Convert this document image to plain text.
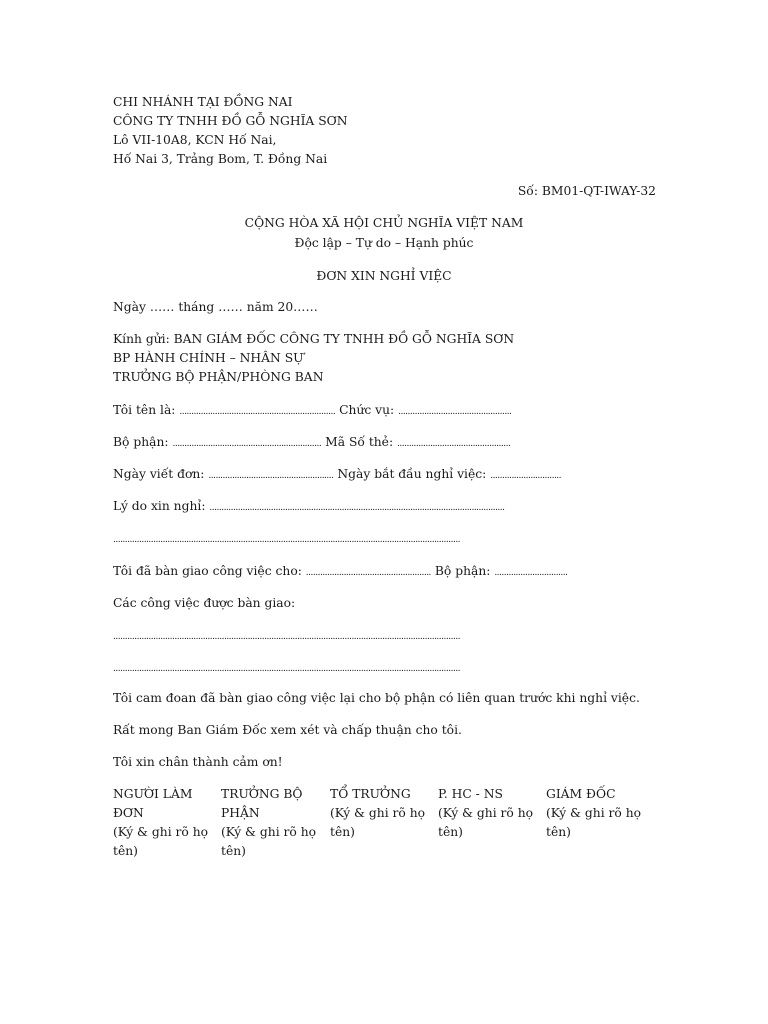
CHI NHÁNH TẠI ĐỒNG NAI
CÔNG TY TNHH ĐỒ GỖ NGHĨA SƠN
Lô VII-10A8, KCN Hố Nai,
Hố Nai 3, Trảng Bom, T. Đồng Nai
Số: BM01-QT-IWAY-32
CỘNG HÒA XÃ HỘI CHỦ NGHĨA VIỆT NAM
Độc lập – Tự do – Hạnh phúc
ĐƠN XIN NGHỈ VIỆC
Ngày …… tháng …… năm 20……
Kính gửi: BAN GIÁM ĐỐC CÔNG TY TNHH ĐỒ GỖ NGHĨA SƠN
BP HÀNH CHÍNH – NHÂN SỰ
TRƯỞNG BỘ PHẬN/PHÒNG BAN
Tôi tên là: .................................................................. Chức vụ: ................................................
Bộ phận: ............................................................... Mã Số thẻ: ................................................
Ngày viết đơn: ..................................................... Ngày bắt đầu nghỉ việc: ..............................
Lý do xin nghỉ: .............................................................................................................................
...................................................................................................................................................
Tôi đã bàn giao công việc cho: ..................................................... Bộ phận: ...............................
Các công việc được bàn giao:
...................................................................................................................................................
...................................................................................................................................................
Tôi cam đoan đã bàn giao công việc lại cho bộ phận có liên quan trước khi nghỉ việc.
Rất mong Ban Giám Đốc xem xét và chấp thuận cho tôi.
Tôi xin chân thành cảm ơn!
NGƯỜI LÀM ĐƠN
(Ký & ghi rõ họ tên)
TRƯỞNG BỘ PHẬN
(Ký & ghi rõ họ tên)
TỔ TRƯỞNG
(Ký & ghi rõ họ tên)
P. HC - NS
(Ký & ghi rõ họ tên)
GIÁM ĐỐC
(Ký & ghi rõ họ tên)
